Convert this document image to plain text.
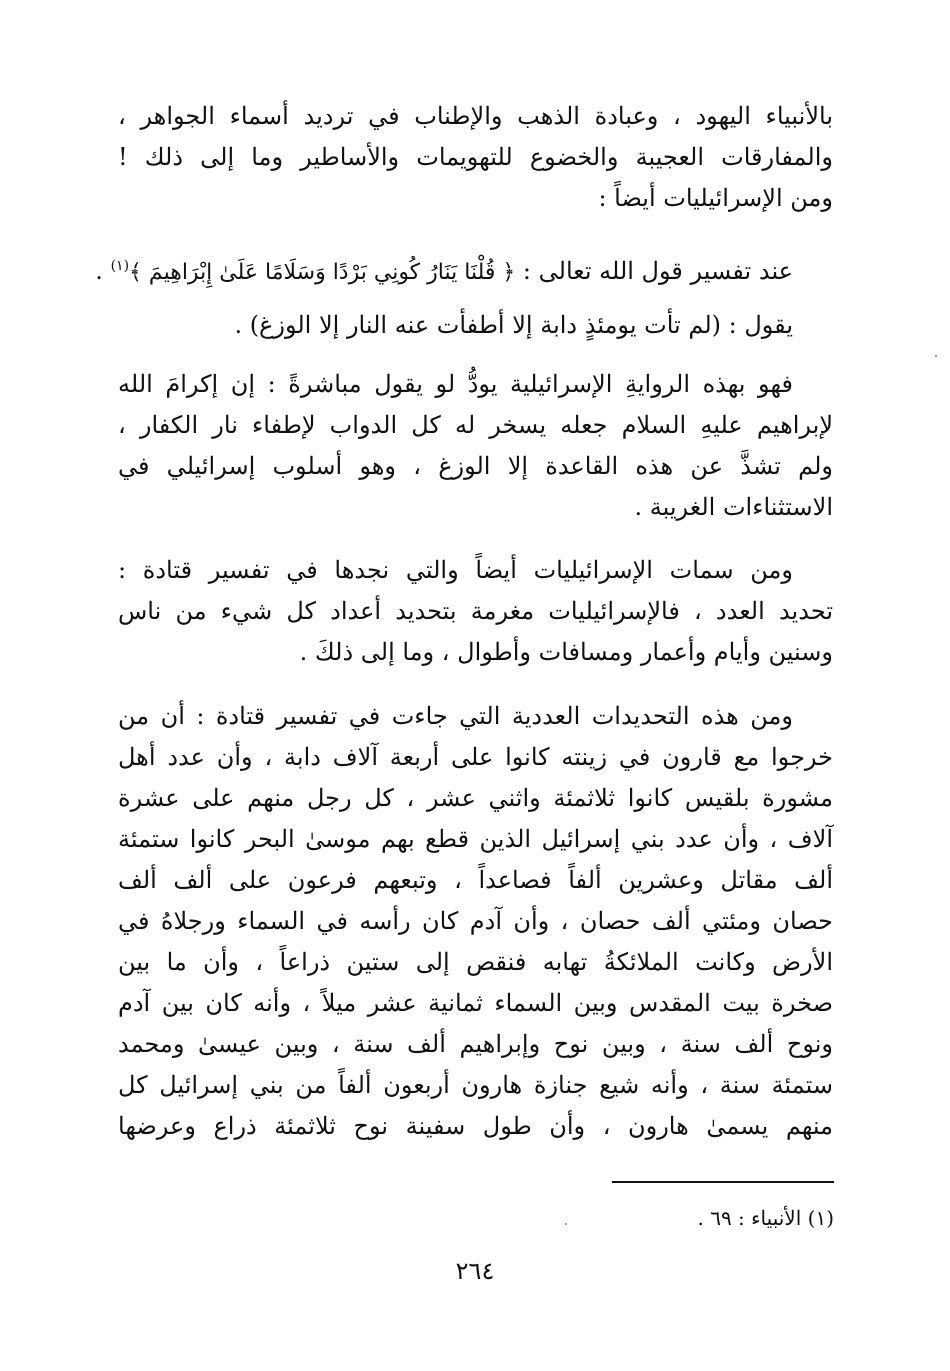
بالأنبياء اليهود ، وعبادة الذهب والإطناب في ترديد أسماء الجواهر ،
والمفارقات العجيبة والخضوع للتهويمات والأساطير وما إلى ذلك !
ومن الإسرائيليات أيضاً :
عند تفسير قول الله تعالى : ﴿ قُلْنَا يَنَارُ كُونِي بَرْدًا وَسَلَامًا عَلَىٰ إِبْرَاهِيمَ ﴾$^{(١)}$ .
يقول : (لم تأت يومئذٍ دابة إلا أطفأت عنه النار إلا الوزغ) .
فهو بهذه الروايةِ الإسرائيلية يودُّ لو يقول مباشرةً : إن إكرامَ الله
لإبراهيم عليهِ السلام جعله يسخر له كل الدواب لإطفاء نار الكفار ،
ولم تشذَّ عن هذه القاعدة إلا الوزغ ، وهو أسلوب إسرائيلي في
الاستثناءات الغريبة .
ومن سمات الإسرائيليات أيضاً والتي نجدها في تفسير قتادة :
تحديد العدد ، فالإسرائيليات مغرمة بتحديد أعداد كل شيء من ناس
وسنين وأيام وأعمار ومسافات وأطوال ، وما إلى ذلكَ .
ومن هذه التحديدات العددية التي جاءت في تفسير قتادة : أن من
خرجوا مع قارون في زينته كانوا على أربعة آلاف دابة ، وأن عدد أهل
مشورة بلقيس كانوا ثلاثمئة واثني عشر ، كل رجل منهم على عشرة
آلاف ، وأن عدد بني إسرائيل الذين قطع بهم موسىٰ البحر كانوا ستمئة
ألف مقاتل وعشرين ألفاً فصاعداً ، وتبعهم فرعون على ألف ألف
حصان ومئتي ألف حصان ، وأن آدم كان رأسه في السماء ورجلاهُ في
الأرض وكانت الملائكةُ تهابه فنقص إلى ستين ذراعاً ، وأن ما بين
صخرة بيت المقدس وبين السماء ثمانية عشر ميلاً ، وأنه كان بين آدم
ونوح ألف سنة ، وبين نوح وإبراهيم ألف سنة ، وبين عيسىٰ ومحمد
ستمئة سنة ، وأنه شيع جنازة هارون أربعون ألفاً من بني إسرائيل كل
منهم يسمىٰ هارون ، وأن طول سفينة نوح ثلاثمئة ذراع وعرضها
(١) الأنبياء : ٦٩ .
٢٦٤
